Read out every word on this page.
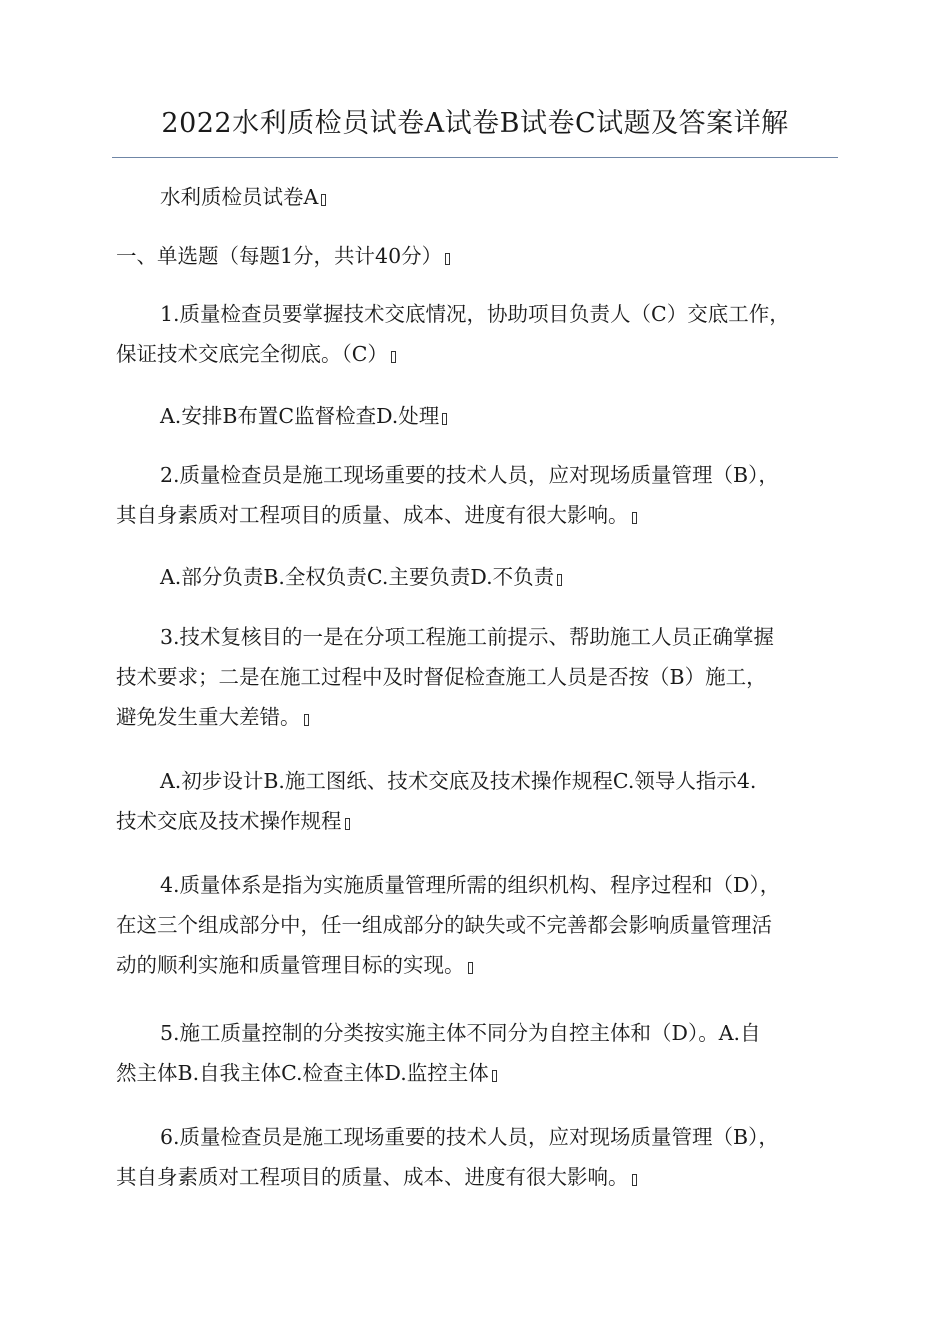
2022水利质检员试卷A试卷B试卷C试题及答案详解

水利质检员试卷A

一、单选题（每题1分，共计40分）

1.质量检查员要掌握技术交底情况，协助项目负责人（C）交底工作，
保证技术交底完全彻底。（C）

A.安排B布置C监督检查D.处理

2.质量检查员是施工现场重要的技术人员，应对现场质量管理（B），
其自身素质对工程项目的质量、成本、进度有很大影响。

A.部分负责B.全权负责C.主要负责D.不负责

3.技术复核目的一是在分项工程施工前提示、帮助施工人员正确掌握
技术要求；二是在施工过程中及时督促检查施工人员是否按（B）施工，
避免发生重大差错。

A.初步设计B.施工图纸、技术交底及技术操作规程C.领导人指示4.
技术交底及技术操作规程

4.质量体系是指为实施质量管理所需的组织机构、程序过程和（D），
在这三个组成部分中，任一组成部分的缺失或不完善都会影响质量管理活
动的顺利实施和质量管理目标的实现。

5.施工质量控制的分类按实施主体不同分为自控主体和（D）。A.自
然主体B.自我主体C.检查主体D.监控主体

6.质量检查员是施工现场重要的技术人员，应对现场质量管理（B），
其自身素质对工程项目的质量、成本、进度有很大影响。
